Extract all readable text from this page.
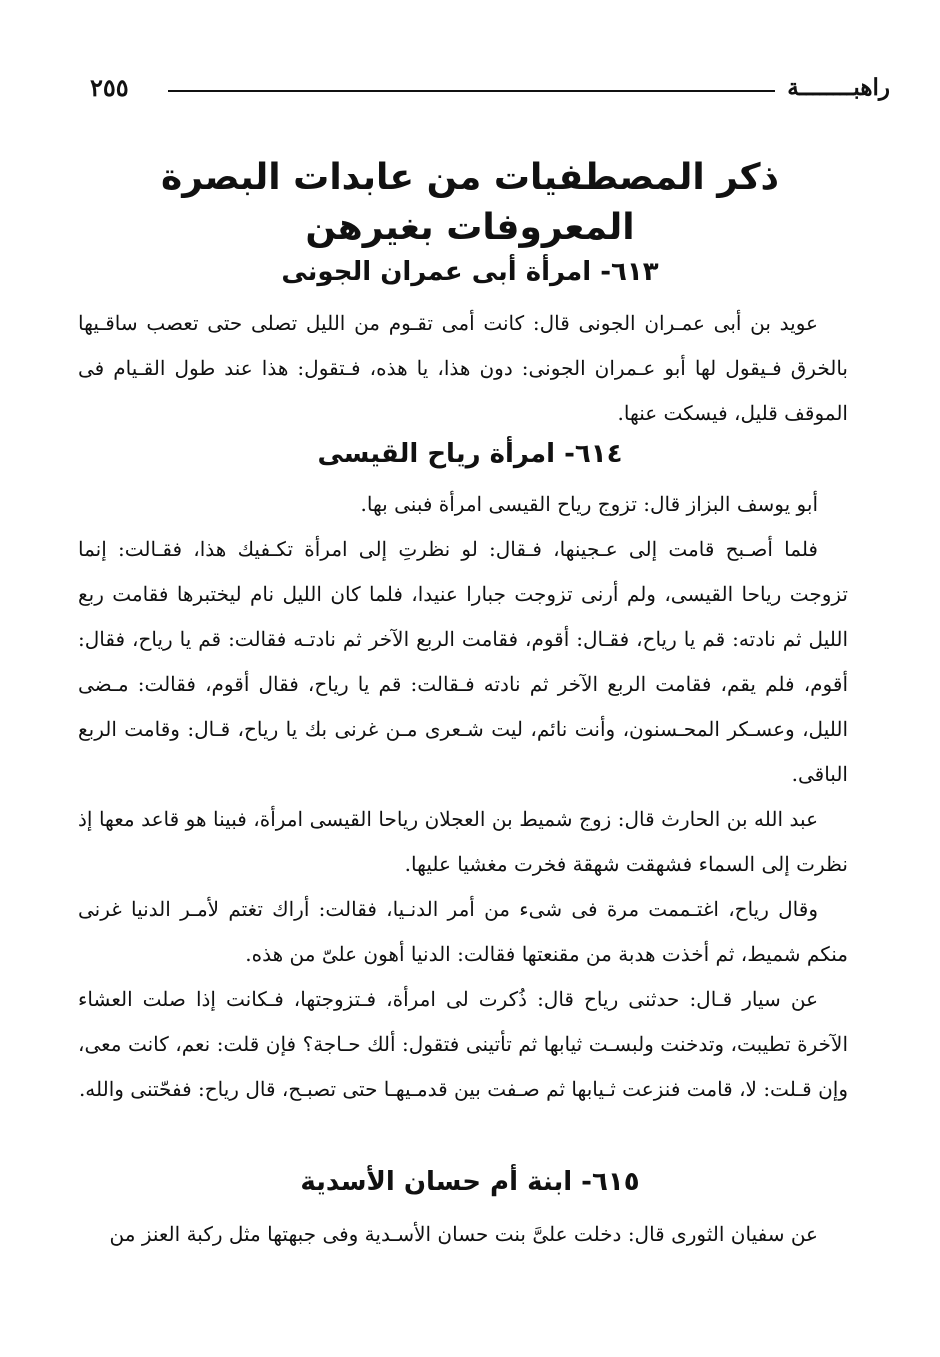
راهبــــــــة
٢٥٥
ذكر المصطفيات من عابدات البصرة
المعروفات بغيرهن
٦١٣- امرأة أبى عمران الجونى

عويد بن أبى عمـران الجونى قال: كانت أمى تقـوم من الليل تصلى حتى تعصب ساقـيها بالخرق فـيقول لها أبو عـمران الجونى: دون هذا، يا هذه، فـتقول: هذا عند طول القـيام فى الموقف قليل، فيسكت عنها.

٦١٤- امرأة رياح القيسى

أبو يوسف البزاز قال: تزوج رياح القيسى امرأة فبنى بها.

فلما أصـبح قامت إلى عـجينها، فـقال: لو نظرتِ إلى امرأة تكـفيك هذا، فقـالت: إنما تزوجت رياحا القيسى، ولم أرنى تزوجت جبارا عنيدا، فلما كان الليل نام ليختبرها فقامت ربع الليل ثم نادته: قم يا رياح، فقـال: أقوم، فقامت الربع الآخر ثم نادتـه فقالت: قم يا رياح، فقال: أقوم، فلم يقم، فقامت الربع الآخر ثم نادته فـقالت: قم يا رياح، فقال أقوم، فقالت: مـضى الليل، وعسـكر المحـسنون، وأنت نائم، ليت شـعرى مـن غرنى بك يا رياح، قـال: وقامت الربع الباقى.

عبد الله بن الحارث قال: زوج شميط بن العجلان رياحا القيسى امرأة، فبينا هو قاعد معها إذ نظرت إلى السماء فشهقت شهقة فخرت مغشيا عليها.

وقال رياح، اغتـممت مرة فى شىء من أمر الدنـيا، فقالت: أراك تغتم لأمـر الدنيا غرنى منكم شميط، ثم أخذت هدبة من مقنعتها فقالت: الدنيا أهون علىّ من هذه.

عن سيار قـال: حدثنى رياح قال: ذُكرت لى امرأة، فـتزوجتها، فـكانت إذا صلت العشاء الآخرة تطيبت، وتدخنت ولبسـت ثيابها ثم تأتينى فتقول: ألك حـاجة؟ فإن قلت: نعم، كانت معى، وإن قـلت: لا، قامت فنزعت ثـيابها ثم صـفت بين قدمـيهـا حتى تصبـح، قال رياح: ففحّتنى والله.

٦١٥- ابنة أم حسان الأسدية

عن سفيان الثورى قال: دخلت علىَّ بنت حسان الأسـدية وفى جبهتها مثل ركبة العنز من
